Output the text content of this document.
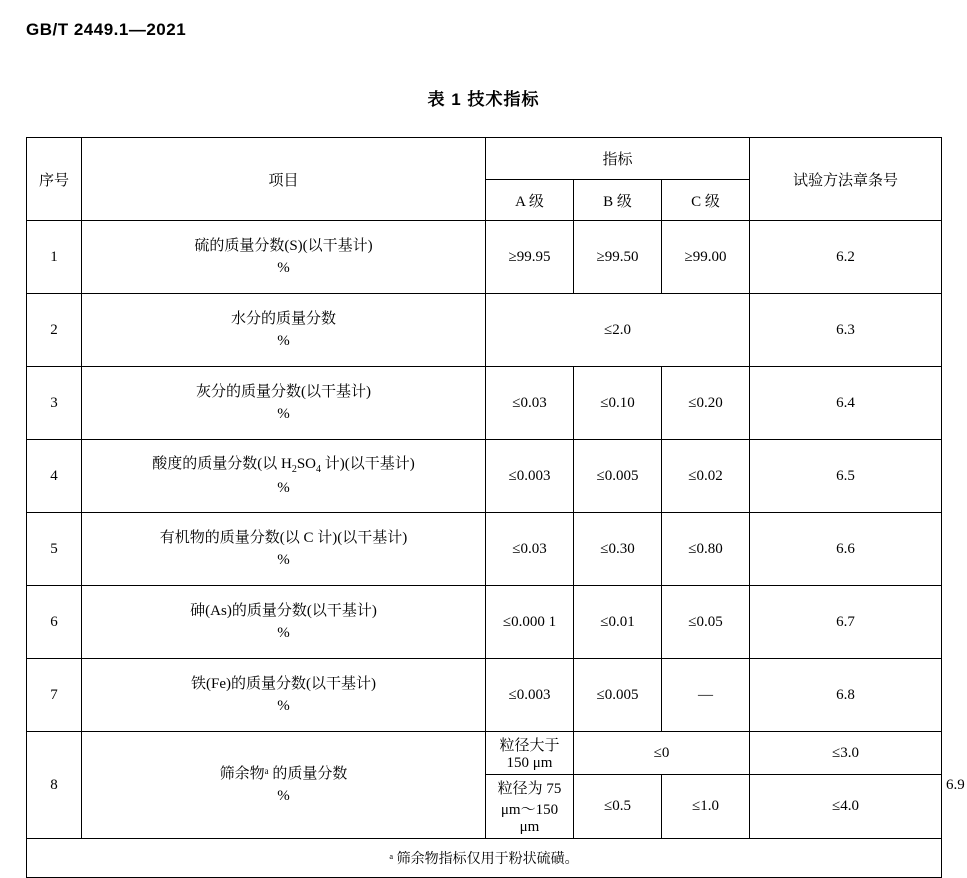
GB/T 2449.1—2021
表 1 技术指标
序号	项目	指标			试验方法章条号	
		A 级	B 级	C 级		
1	硫的质量分数(S)(以干基计)
%	≥99.95	≥99.50	≥99.00	6.2	
2	水分的质量分数
%	≤2.0			6.3	
3	灰分的质量分数(以干基计)
%	≤0.03	≤0.10	≤0.20	6.4	
4	酸度的质量分数(以 $H_2SO_4$ 计)(以干基计)
%	≤0.003	≤0.005	≤0.02	6.5	
5	有机物的质量分数(以 C 计)(以干基计)
%	≤0.03	≤0.30	≤0.80	6.6	
6	砷(As)的质量分数(以干基计)
%	≤0.000 1	≤0.01	≤0.05	6.7	
7	铁(Fe)的质量分数(以干基计)
%	≤0.003	≤0.005	—	6.8	
8	筛余物ᵃ 的质量分数
%	粒径大于 150 μm	≤0		≤3.0	6.9
		粒径为 75 μm～150 μm	≤0.5	≤1.0	≤4.0	
ᵃ 筛余物指标仅用于粉状硫磺。						
